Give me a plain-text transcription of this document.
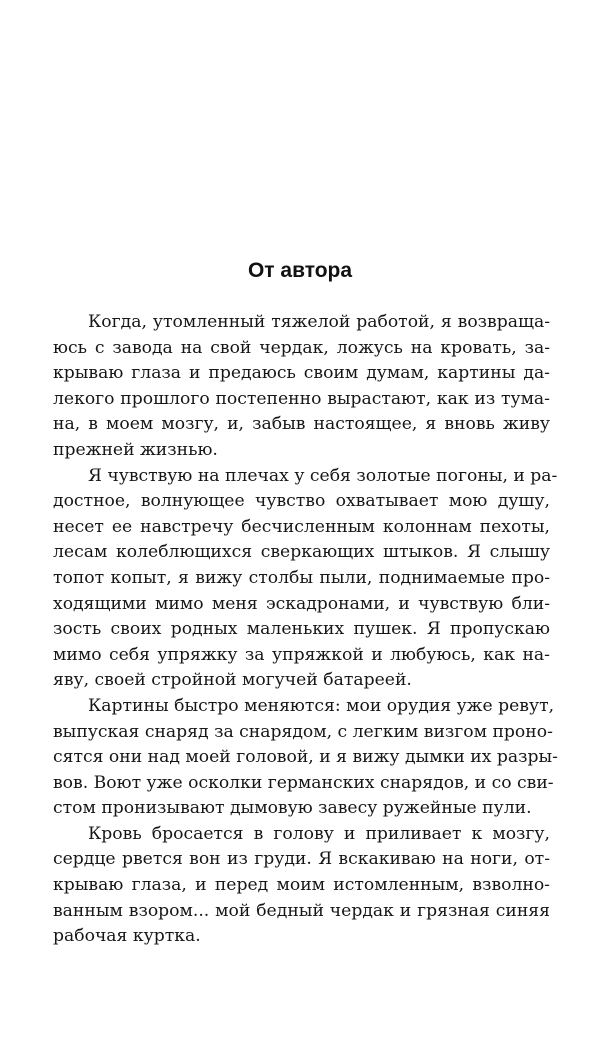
От автора

Когда, утомленный тяжелой работой, я возвраща-
юсь с завода на свой чердак, ложусь на кровать, за-
крываю глаза и предаюсь своим думам, картины да-
лекого прошлого постепенно вырастают, как из тума-
на, в моем мозгу, и, забыв настоящее, я вновь живу
прежней жизнью.

Я чувствую на плечах у себя золотые погоны, и ра-
достное, волнующее чувство охватывает мою душу,
несет ее навстречу бесчисленным колоннам пехоты,
лесам колеблющихся сверкающих штыков. Я слышу
топот копыт, я вижу столбы пыли, поднимаемые про-
ходящими мимо меня эскадронами, и чувствую бли-
зость своих родных маленьких пушек. Я пропускаю
мимо себя упряжку за упряжкой и любуюсь, как на-
яву, своей стройной могучей батареей.

Картины быстро меняются: мои орудия уже ревут,
выпуская снаряд за снарядом, с легким визгом проно-
сятся они над моей головой, и я вижу дымки их разры-
вов. Воют уже осколки германских снарядов, и со сви-
стом пронизывают дымовую завесу ружейные пули.

Кровь бросается в голову и приливает к мозгу,
сердце рвется вон из груди. Я вскакиваю на ноги, от-
крываю глаза, и перед моим истомленным, взволно-
ванным взором... мой бедный чердак и грязная синяя
рабочая куртка.
